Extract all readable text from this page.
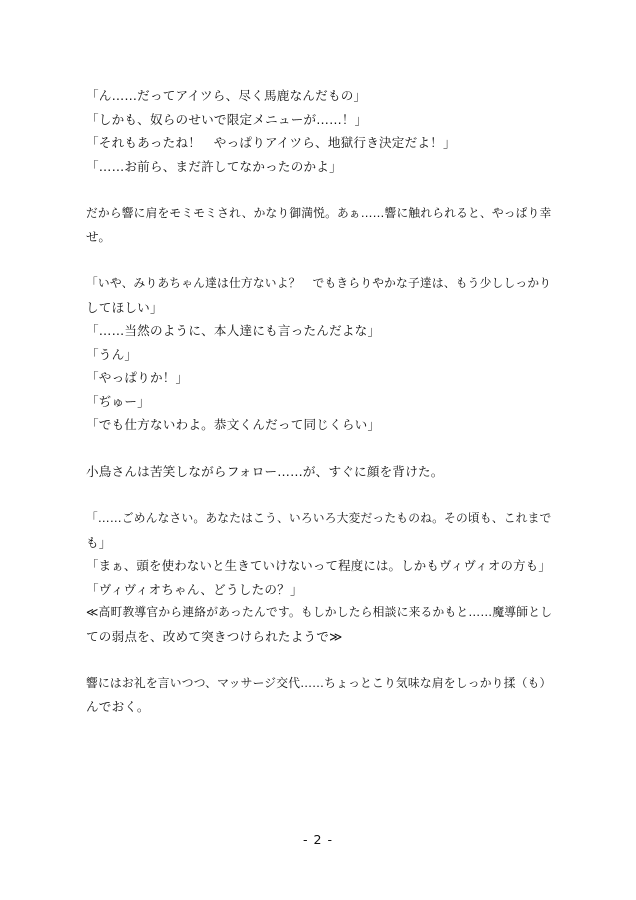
「ん……だってアイツら、尽く馬鹿なんだもの」
「しかも、奴らのせいで限定メニューが……！」
「それもあったね！　やっぱりアイツら、地獄行き決定だよ！」
「……お前ら、まだ許してなかったのかよ」
だから響に肩をモミモミされ、かなり御満悦。あぁ……響に触れられると、やっぱり幸
せ。
「いや、みりあちゃん達は仕方ないよ？　でもきらりやかな子達は、もう少ししっかり
してほしい」
「……当然のように、本人達にも言ったんだよな」
「うん」
「やっぱりか！」
「ぢゅー」
「でも仕方ないわよ。恭文くんだって同じくらい」
小鳥さんは苦笑しながらフォロー……が、すぐに顔を背けた。
「……ごめんなさい。あなたはこう、いろいろ大変だったものね。その頃も、これまで
も」
「まぁ、頭を使わないと生きていけないって程度には。しかもヴィヴィオの方も」
「ヴィヴィオちゃん、どうしたの？」
≪高町教導官から連絡があったんです。もしかしたら相談に来るかもと……魔導師とし
ての弱点を、改めて突きつけられたようで≫
響にはお礼を言いつつ、マッサージ交代……ちょっとこり気味な肩をしっかり揉（も）
んでおく。
- 2 -
